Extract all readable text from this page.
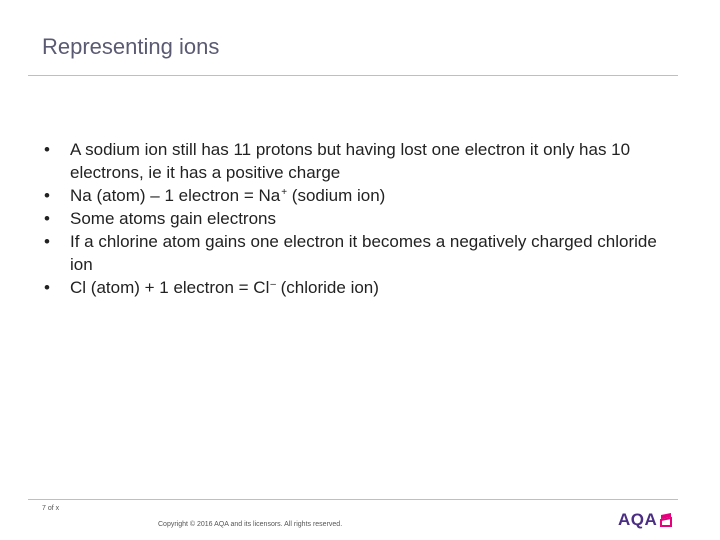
Representing ions
• A sodium ion still has 11 protons but having lost one electron it only has 10 electrons, ie it has a positive charge
• Na (atom) – 1 electron = Na+ (sodium ion)
• Some atoms gain electrons
• If a chlorine atom gains one electron it becomes a negatively charged chloride ion
• Cl (atom) + 1 electron = Cl– (chloride ion)
7 of x
Copyright © 2016 AQA and its licensors. All rights reserved.	AQA
